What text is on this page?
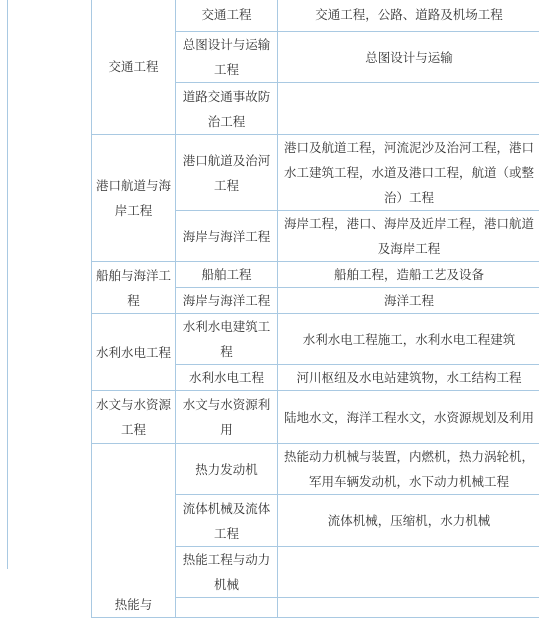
交通工程	交通工程	交通工程，公路、道路及机场工程
	总图设计与运输工程	总图设计与运输
	道路交通事故防治工程	
港口航道与海岸工程	港口航道及治河工程	港口及航道工程，河流泥沙及治河工程，港口水工建筑工程，水道及港口工程，航道（或整治）工程
	海岸与海洋工程	海岸工程，港口、海岸及近岸工程，港口航道及海岸工程
船舶与海洋工程	船舶工程	船舶工程，造船工艺及设备
	海岸与海洋工程	海洋工程
水利水电工程	水利水电建筑工程	水利水电工程施工，水利水电工程建筑
	水利水电工程	河川枢纽及水电站建筑物，水工结构工程
水文与水资源工程	水文与水资源利用	陆地水文，海洋工程水文，水资源规划及利用
热能与	热力发动机	热能动力机械与装置，内燃机，热力涡轮机，军用车辆发动机，水下动力机械工程
	流体机械及流体工程	流体机械，压缩机，水力机械
	热能工程与动力机械	
